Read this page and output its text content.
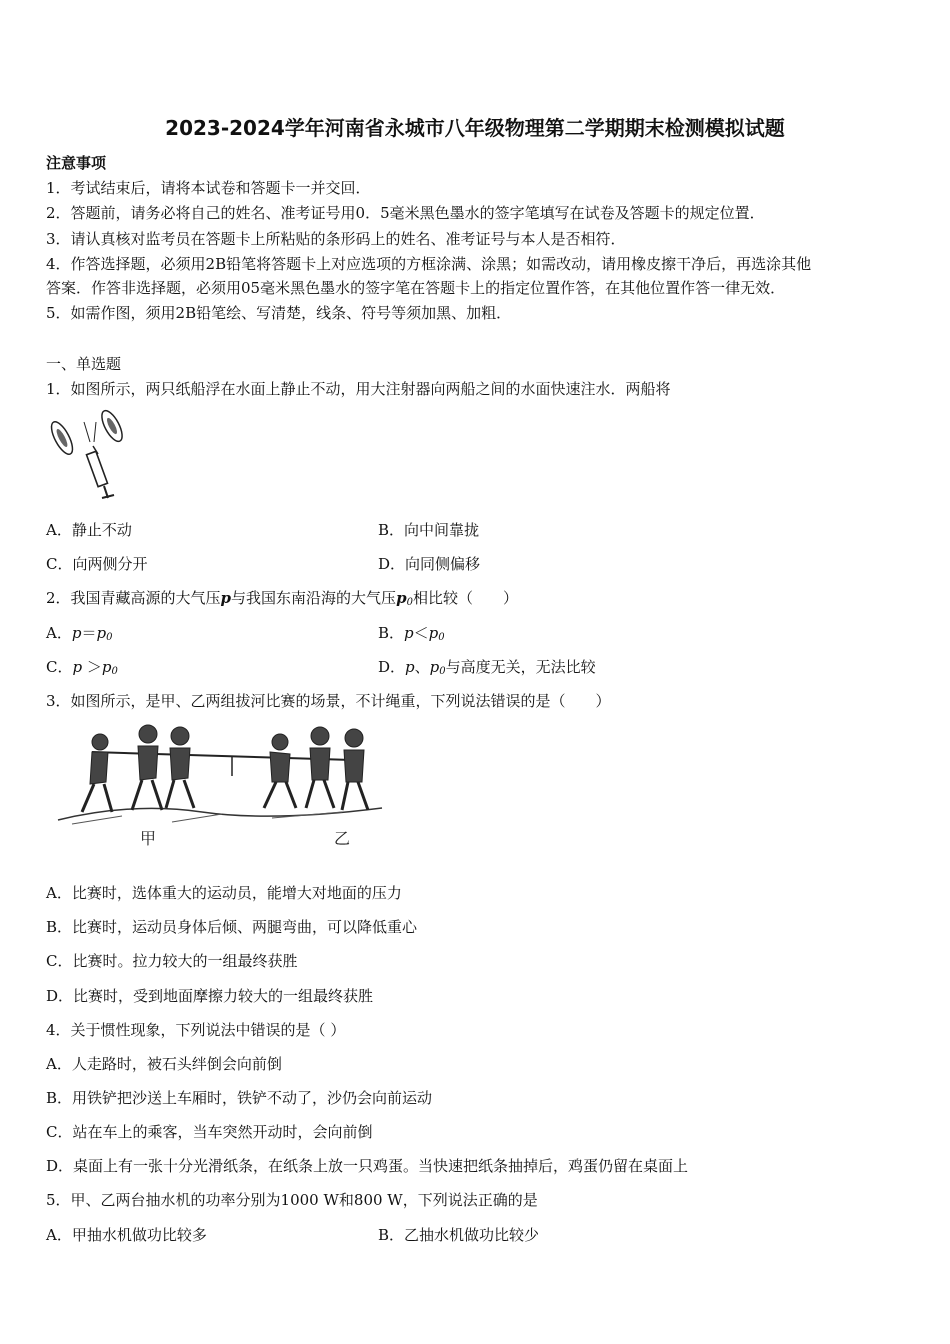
2023-2024学年河南省永城市八年级物理第二学期期末检测模拟试题
注意事项
1．考试结束后，请将本试卷和答题卡一并交回．
2．答题前，请务必将自己的姓名、准考证号用0．5毫米黑色墨水的签字笔填写在试卷及答题卡的规定位置．
3．请认真核对监考员在答题卡上所粘贴的条形码上的姓名、准考证号与本人是否相符．
4．作答选择题，必须用2B铅笔将答题卡上对应选项的方框涂满、涂黑；如需改动，请用橡皮擦干净后，再选涂其他
答案．作答非选择题，必须用05毫米黑色墨水的签字笔在答题卡上的指定位置作答，在其他位置作答一律无效．
5．如需作图，须用2B铅笔绘、写清楚，线条、符号等须加黑、加粗．
一、单选题
1．如图所示，两只纸船浮在水面上静止不动，用大注射器向两船之间的水面快速注水．两船将
A．静止不动	B．向中间靠拢
C．向两侧分开	D．向同侧偏移
2．我国青藏高源的大气压p与我国东南沿海的大气压$p_0$相比较（　　）
A．$p=p_0$	B．$p<p_0$
C．$p >p_0$	D．p、$p_0$与高度无关，无法比较
3．如图所示，是甲、乙两组拔河比赛的场景，不计绳重，下列说法错误的是（　　）
甲	乙
A．比赛时，选体重大的运动员，能增大对地面的压力
B．比赛时，运动员身体后倾、两腿弯曲，可以降低重心
C．比赛时。拉力较大的一组最终获胜
D．比赛时，受到地面摩擦力较大的一组最终获胜
4．关于惯性现象，下列说法中错误的是（ ）
A．人走路时，被石头绊倒会向前倒
B．用铁铲把沙送上车厢时，铁铲不动了，沙仍会向前运动
C．站在车上的乘客，当车突然开动时，会向前倒
D．桌面上有一张十分光滑纸条，在纸条上放一只鸡蛋。当快速把纸条抽掉后，鸡蛋仍留在桌面上
5．甲、乙两台抽水机的功率分别为1000 W和800 W，下列说法正确的是
A．甲抽水机做功比较多	B．乙抽水机做功比较少
